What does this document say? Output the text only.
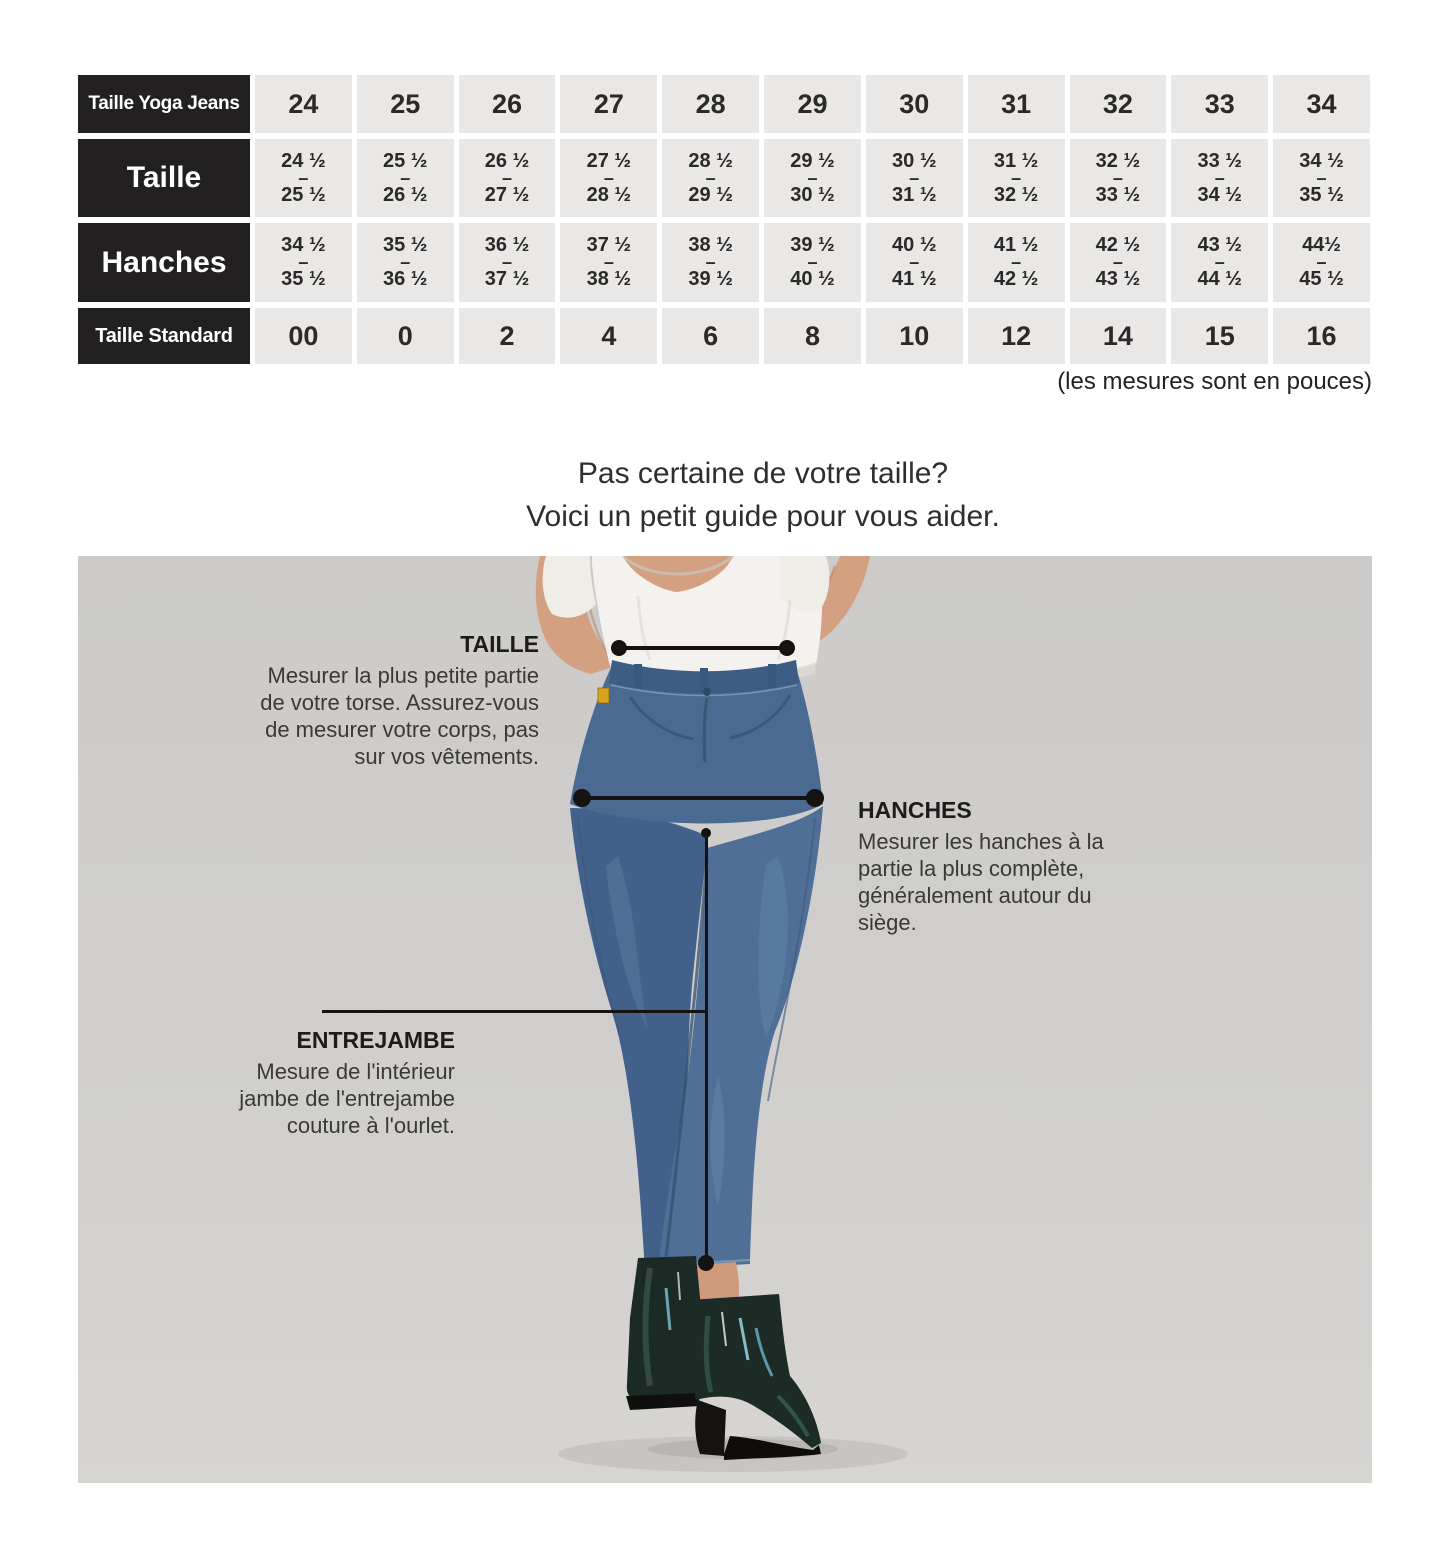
Taille Yoga Jeans
Taille
Hanches
Taille Standard
24
24 ½
–
25 ½
34 ½
–
35 ½
00
25
25 ½
–
26 ½
35 ½
–
36 ½
0
26
26 ½
–
27 ½
36 ½
–
37 ½
2
27
27 ½
–
28 ½
37 ½
–
38 ½
4
28
28 ½
–
29 ½
38 ½
–
39 ½
6
29
29 ½
–
30 ½
39 ½
–
40 ½
8
30
30 ½
–
31 ½
40 ½
–
41 ½
10
31
31 ½
–
32 ½
41 ½
–
42 ½
12
32
32 ½
–
33 ½
42 ½
–
43 ½
14
33
33 ½
–
34 ½
43 ½
–
44 ½
15
34
34 ½
–
35 ½
44½
–
45 ½
16
(les mesures sont en pouces)
Pas certaine de votre taille?
Voici un petit guide pour vous aider.
TAILLE
Mesurer la plus petite partie
de votre torse. Assurez-vous
de mesurer votre corps, pas
sur vos vêtements.
HANCHES
Mesurer les hanches à la
partie la plus complète,
généralement autour du
siège.
ENTREJAMBE
Mesure de l'intérieur
jambe de l'entrejambe
couture à l'ourlet.
